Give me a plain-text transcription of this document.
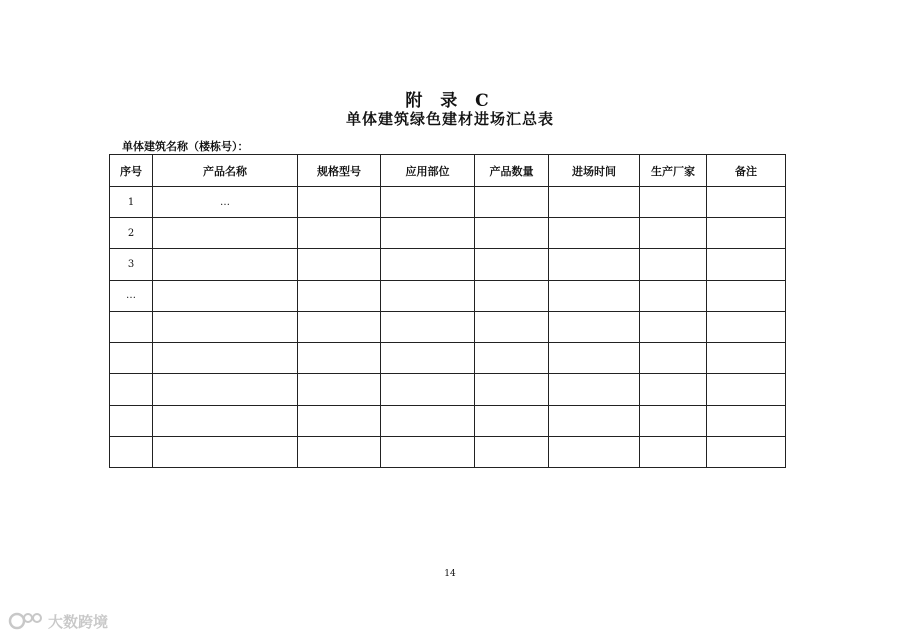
附 录 C
单体建筑绿色建材进场汇总表
单体建筑名称（楼栋号）：
序号	产品名称	规格型号	应用部位	产品数量	进场时间	生产厂家	备注
1	…						
2							
3							
…							

14
大数跨境
